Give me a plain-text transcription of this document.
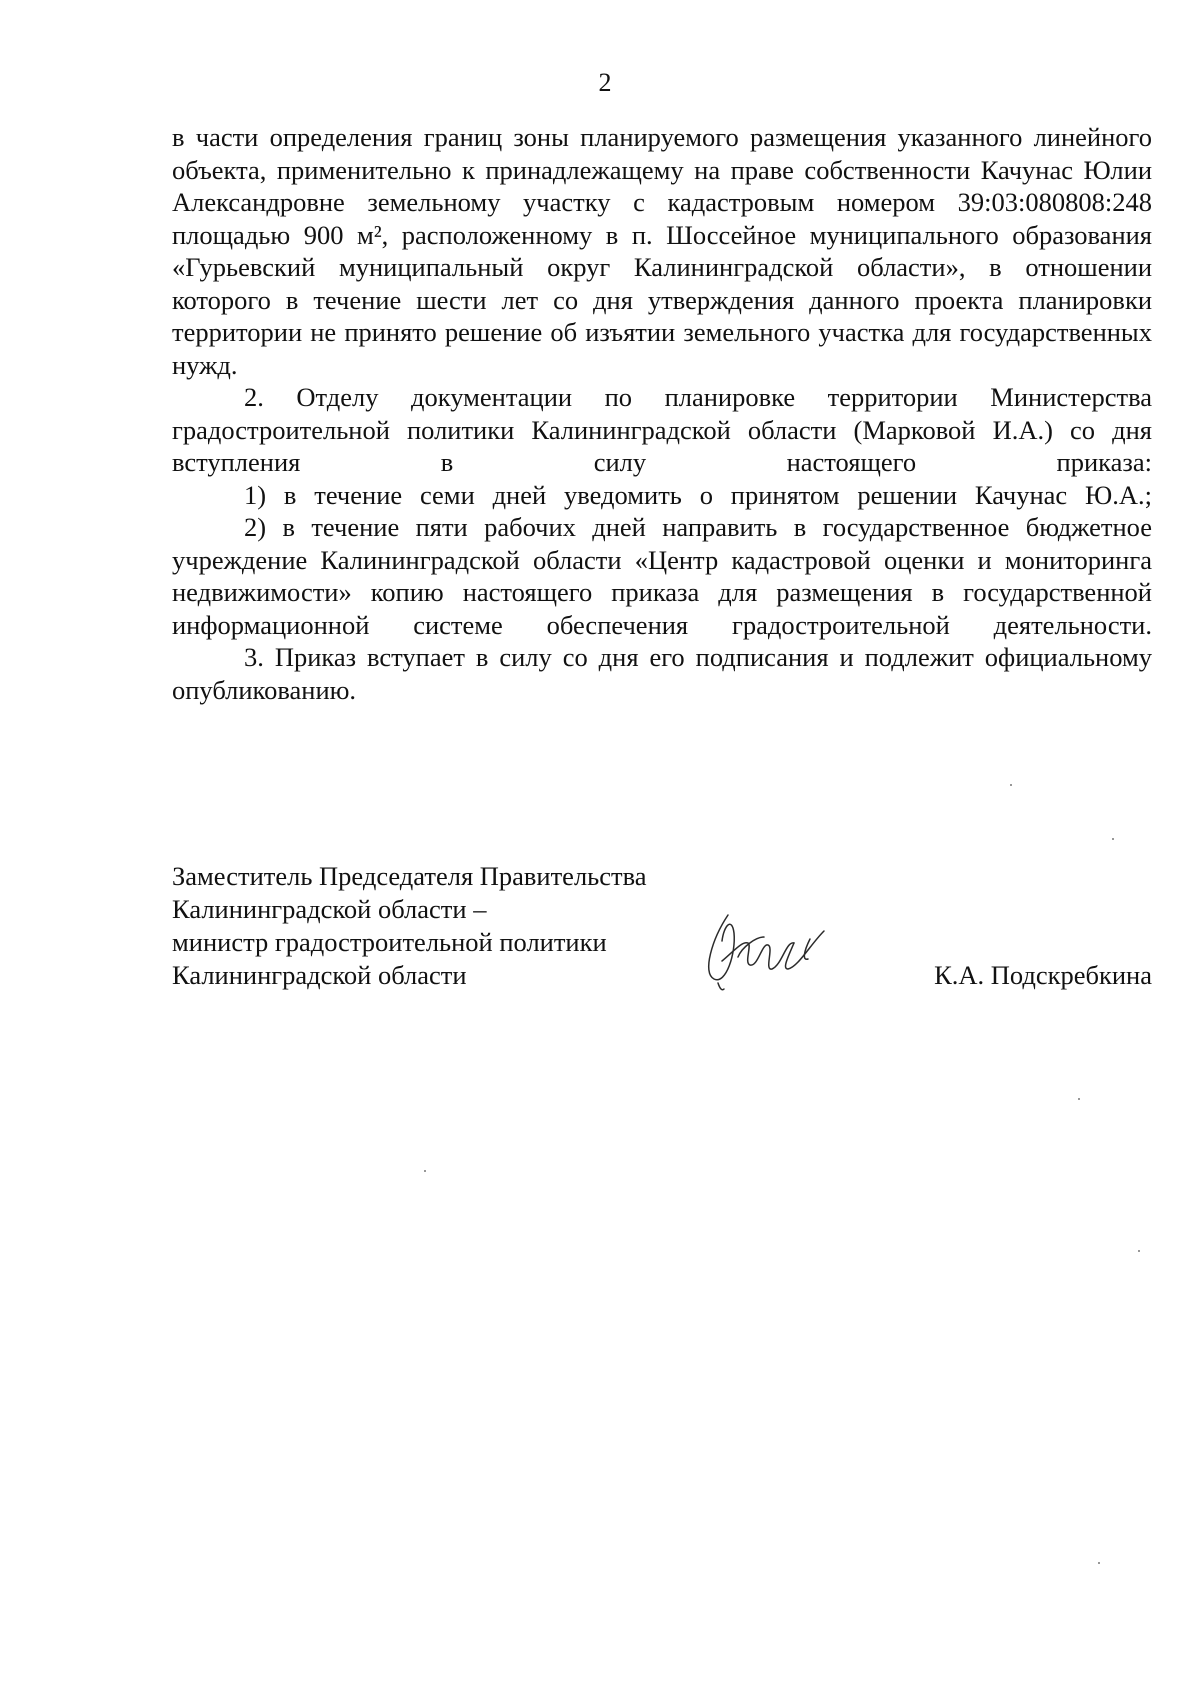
2

в части определения границ зоны планируемого размещения указанного линейного объекта, применительно к принадлежащему на праве собственности Качунас Юлии Александровне земельному участку с кадастровым номером 39:03:080808:248 площадью 900 м², расположенному в п. Шоссейное муниципального образования «Гурьевский муниципальный округ Калининградской области», в отношении которого в течение шести лет со дня утверждения данного проекта планировки территории не принято решение об изъятии земельного участка для государственных нужд.

2. Отделу документации по планировке территории Министерства градостроительной политики Калининградской области (Марковой И.А.) со дня вступления в силу настоящего приказа:

1) в течение семи дней уведомить о принятом решении Качунас Ю.А.;

2) в течение пяти рабочих дней направить в государственное бюджетное учреждение Калининградской области «Центр кадастровой оценки и мониторинга недвижимости» копию настоящего приказа для размещения в государственной информационной системе обеспечения градостроительной деятельности.

3. Приказ вступает в силу со дня его подписания и подлежит официальному опубликованию.

Заместитель Председателя Правительства
Калининградской области –
министр градостроительной политики
Калининградской области	К.А. Подскребкина
